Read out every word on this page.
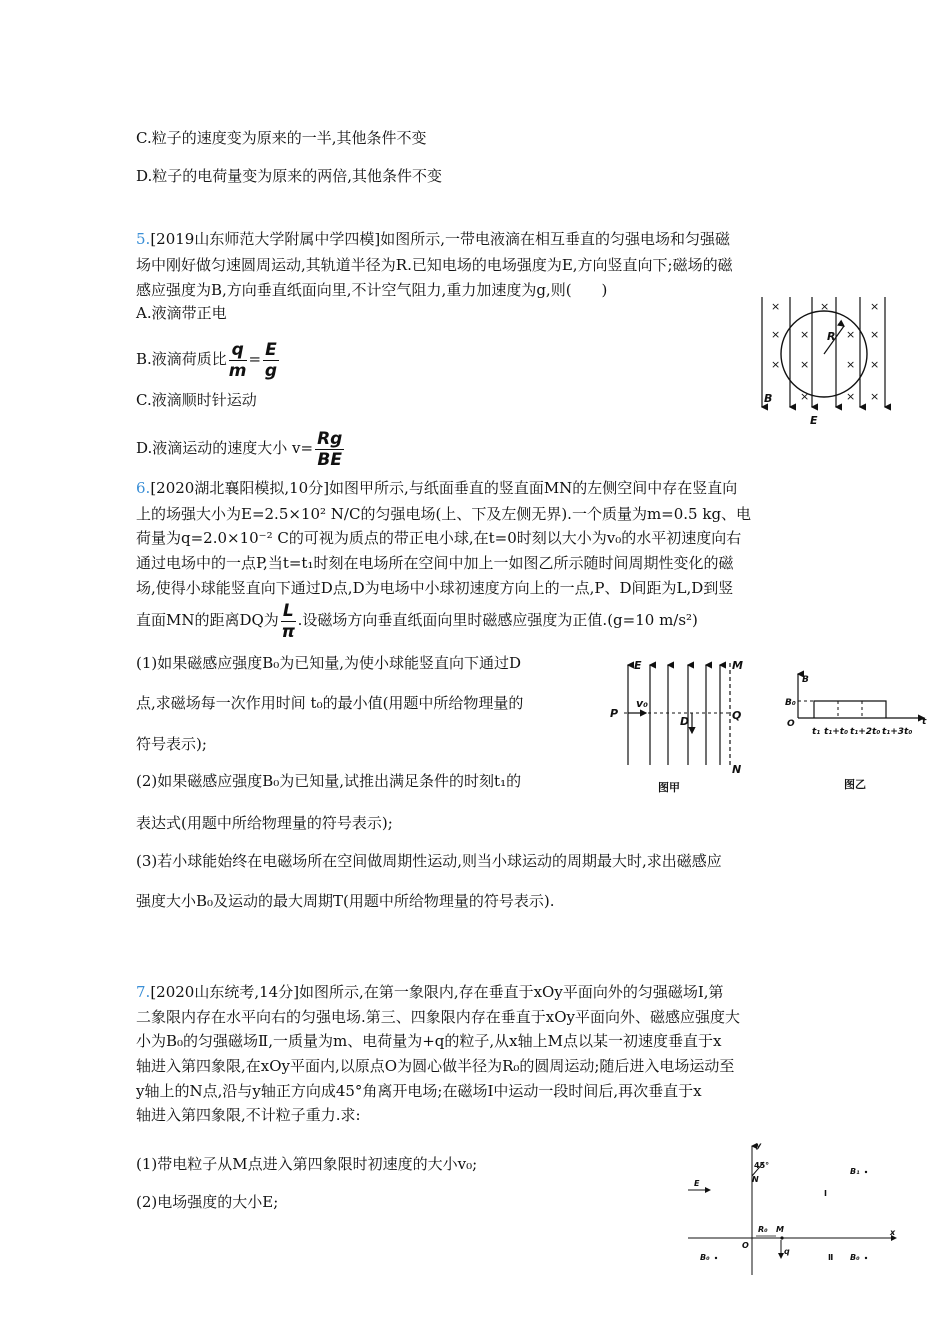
C.粒子的速度变为原来的一半,其他条件不变
D.粒子的电荷量变为原来的两倍,其他条件不变
5.[2019山东师范大学附属中学四模]如图所示,一带电液滴在相互垂直的匀强电场和匀强磁
场中刚好做匀速圆周运动,其轨道半径为R.已知电场的电场强度为E,方向竖直向下;磁场的磁
感应强度为B,方向垂直纸面向里,不计空气阻力,重力加速度为g,则(　　)
A.液滴带正电
B.液滴荷质比 $\frac{q}{m} = \frac{E}{g}$
C.液滴顺时针运动
D.液滴运动的速度大小 $v= \frac{Rg}{BE}$
×	×	×
× ×	× ×
× ×	× ×
×	× ×
R
B
E
6.[2020湖北襄阳模拟,10分]如图甲所示,与纸面垂直的竖直面MN的左侧空间中存在竖直向
上的场强大小为E=2.5×10² N/C的匀强电场(上、下及左侧无界).一个质量为m=0.5 kg、电
荷量为q=2.0×10⁻² C的可视为质点的带正电小球,在t=0时刻以大小为v₀的水平初速度向右
通过电场中的一点P,当t=t₁时刻在电场所在空间中加上一如图乙所示随时间周期性变化的磁
场,使得小球能竖直向下通过D点,D为电场中小球初速度方向上的一点,P、D间距为L,D到竖
直面MN的距离DQ为 $\frac{L}{\pi}$ .设磁场方向垂直纸面向里时磁感应强度为正值.(g=10 m/s²)
(1)如果磁感应强度B₀为已知量,为使小球能竖直向下通过D
点,求磁场每一次作用时间 t₀的最小值(用题中所给物理量的
符号表示);
(2)如果磁感应强度B₀为已知量,试推出满足条件的时刻t₁的
表达式(用题中所给物理量的符号表示);
(3)若小球能始终在电磁场所在空间做周期性运动,则当小球运动的周期最大时,求出磁感应
强度大小B₀及运动的最大周期T(用题中所给物理量的符号表示).
E	M
N
P	Q
D
v₀
图甲
B
B₀
O	t
t₁ t₁+t₀ t₁+2t₀ t₁+3t₀
图乙
7.[2020山东统考,14分]如图所示,在第一象限内,存在垂直于xOy平面向外的匀强磁场Ⅰ,第
二象限内存在水平向右的匀强电场.第三、四象限内存在垂直于xOy平面向外、磁感应强度大
小为B₀的匀强磁场Ⅱ,一质量为m、电荷量为+q的粒子,从x轴上M点以某一初速度垂直于x
轴进入第四象限,在xOy平面内,以原点O为圆心做半径为R₀的圆周运动;随后进入电场运动至
y轴上的N点,沿与y轴正方向成45°角离开电场;在磁场Ⅰ中运动一段时间后,再次垂直于x
轴进入第四象限,不计粒子重力.求:
(1)带电粒子从M点进入第四象限时初速度的大小v₀;
(2)电场强度的大小E;
y
x
45°
N
E
B₁
Ⅰ
R₀ M
O
q
B₀	Ⅱ B₀
